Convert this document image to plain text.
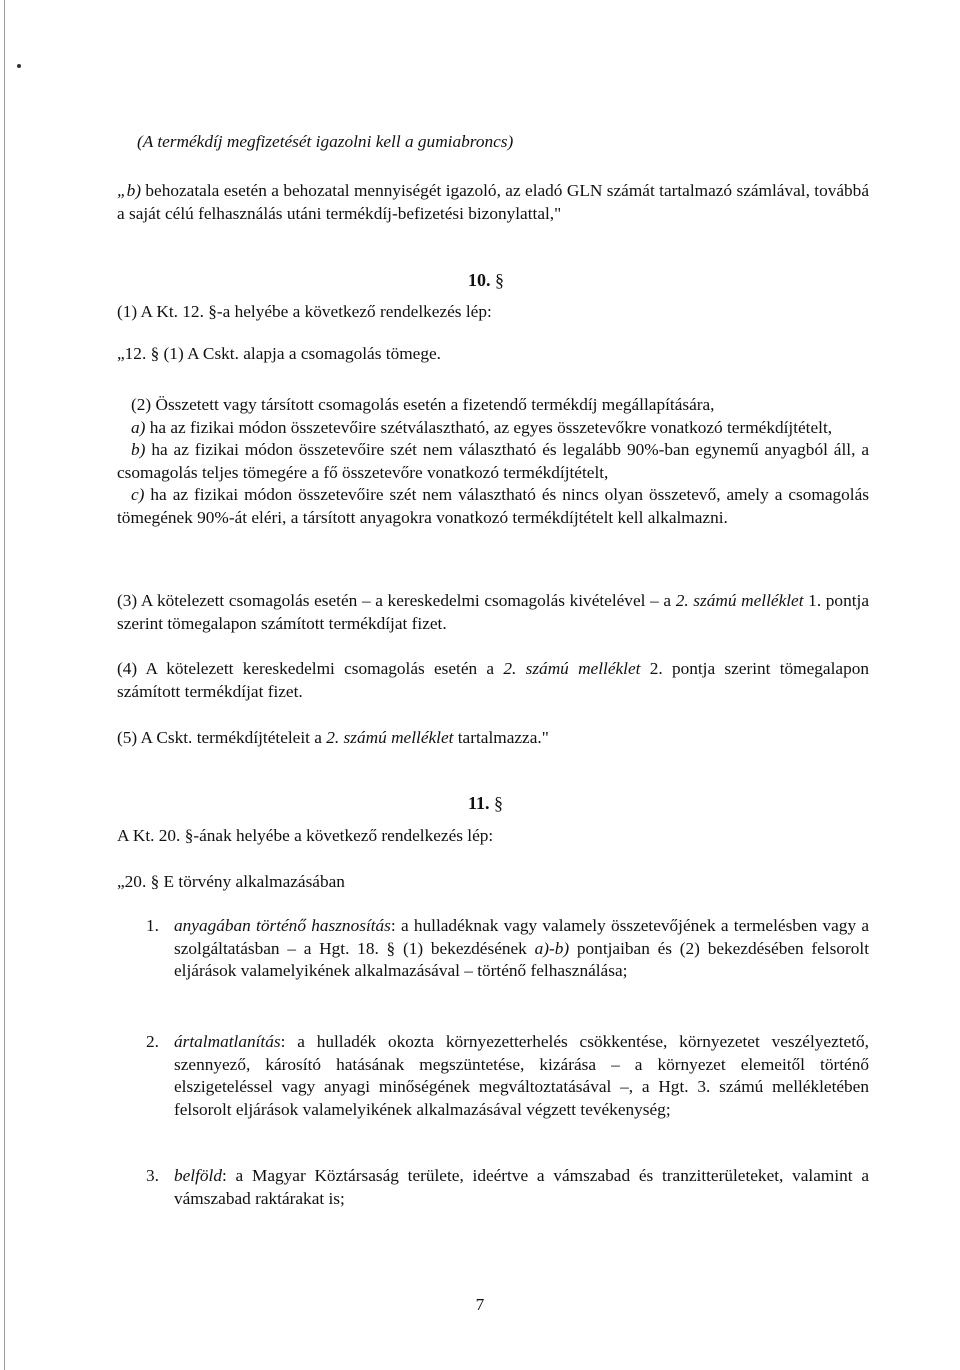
(A termékdíj megfizetését igazolni kell a gumiabroncs)
„b) behozatala esetén a behozatal mennyiségét igazoló, az eladó GLN számát tartalmazó számlával, továbbá a saját célú felhasználás utáni termékdíj-befizetési bizonylattal,"
10. §
(1) A Kt. 12. §-a helyébe a következő rendelkezés lép:
„12. § (1) A Cskt. alapja a csomagolás tömege.
(2) Összetett vagy társított csomagolás esetén a fizetendő termékdíj megállapítására,
a) ha az fizikai módon összetevőire szétválasztható, az egyes összetevőkre vonatkozó termékdíjtételt,
b) ha az fizikai módon összetevőire szét nem választható és legalább 90%-ban egynemű anyagból áll, a csomagolás teljes tömegére a fő összetevőre vonatkozó termékdíjtételt,
c) ha az fizikai módon összetevőire szét nem választható és nincs olyan összetevő, amely a csomagolás tömegének 90%-át eléri, a társított anyagokra vonatkozó termékdíjtételt kell alkalmazni.
(3) A kötelezett csomagolás esetén – a kereskedelmi csomagolás kivételével – a 2. számú melléklet 1. pontja szerint tömegalapon számított termékdíjat fizet.
(4) A kötelezett kereskedelmi csomagolás esetén a 2. számú melléklet 2. pontja szerint tömegalapon számított termékdíjat fizet.
(5) A Cskt. termékdíjtételeit a 2. számú melléklet tartalmazza."
11. §
A Kt. 20. §-ának helyébe a következő rendelkezés lép:
„20. § E törvény alkalmazásában
1. anyagában történő hasznosítás: a hulladéknak vagy valamely összetevőjének a termelésben vagy a szolgáltatásban – a Hgt. 18. § (1) bekezdésének a)-b) pontjaiban és (2) bekezdésében felsorolt eljárások valamelyikének alkalmazásával – történő felhasználása;
2. ártalmatlanítás: a hulladék okozta környezetterhelés csökkentése, környezetet veszélyeztető, szennyező, károsító hatásának megszüntetése, kizárása – a környezet elemeitől történő elszigeteléssel vagy anyagi minőségének megváltoztatásával –, a Hgt. 3. számú mellékletében felsorolt eljárások valamelyikének alkalmazásával végzett tevékenység;
3. belföld: a Magyar Köztársaság területe, ideértve a vámszabad és tranzitterületeket, valamint a vámszabad raktárakat is;
7
